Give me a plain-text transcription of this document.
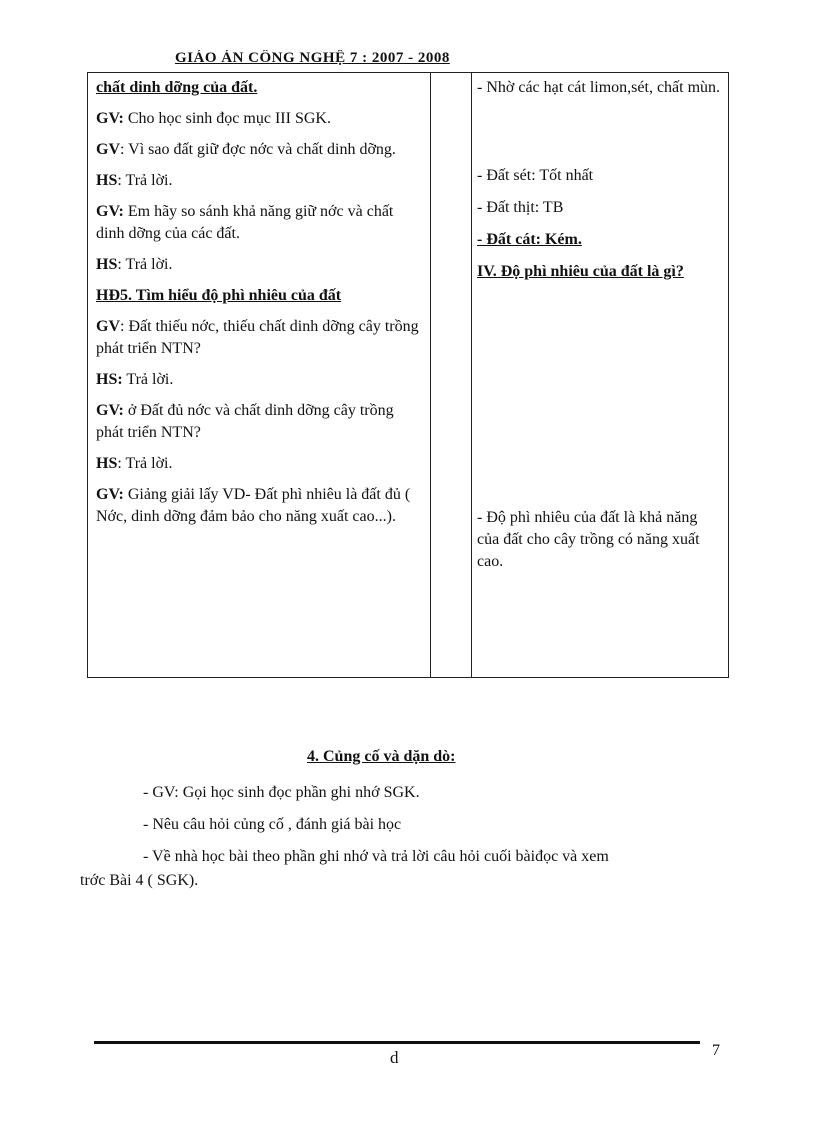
GIÁO ÁN CÔNG NGHỆ 7 : 2007 - 2008

chất dinh dỡng của đất.

GV: Cho học sinh đọc mục III SGK.

GV: Vì sao đất giữ đợc nớc và chất dinh dỡng.

HS: Trả lời.

GV: Em hãy so sánh khả năng giữ nớc và chất dinh dỡng của các đất.

HS: Trả lời.

HĐ5. Tìm hiểu độ phì nhiêu của đất

GV: Đất thiếu nớc, thiếu chất dinh dỡng cây trồng phát triển NTN?

HS: Trả lời.

GV: ở Đất đủ nớc và chất dinh dỡng cây trồng phát triển NTN?

HS: Trả lời.

GV: Giảng giải lấy VD- Đất phì nhiêu là đất đủ ( Nớc, dinh dỡng đảm bảo cho năng xuất cao...).

- Nhờ các hạt cát limon,sét, chất mùn.
- Đất sét: Tốt nhất
- Đất thịt: TB
- Đất cát: Kém.
IV. Độ phì nhiêu của đất là gì?
- Độ phì nhiêu của đất là khả năng của đất cho cây trồng có năng xuất cao.
4. Củng cố và dặn dò:
- GV: Gọi học sinh đọc phần ghi nhớ SGK.
- Nêu câu hỏi củng cố , đánh giá bài học
- Về nhà học bài theo phần ghi nhớ và trả lời câu hỏi cuối bàiđọc và xem
trớc Bài 4 ( SGK).
d	7
